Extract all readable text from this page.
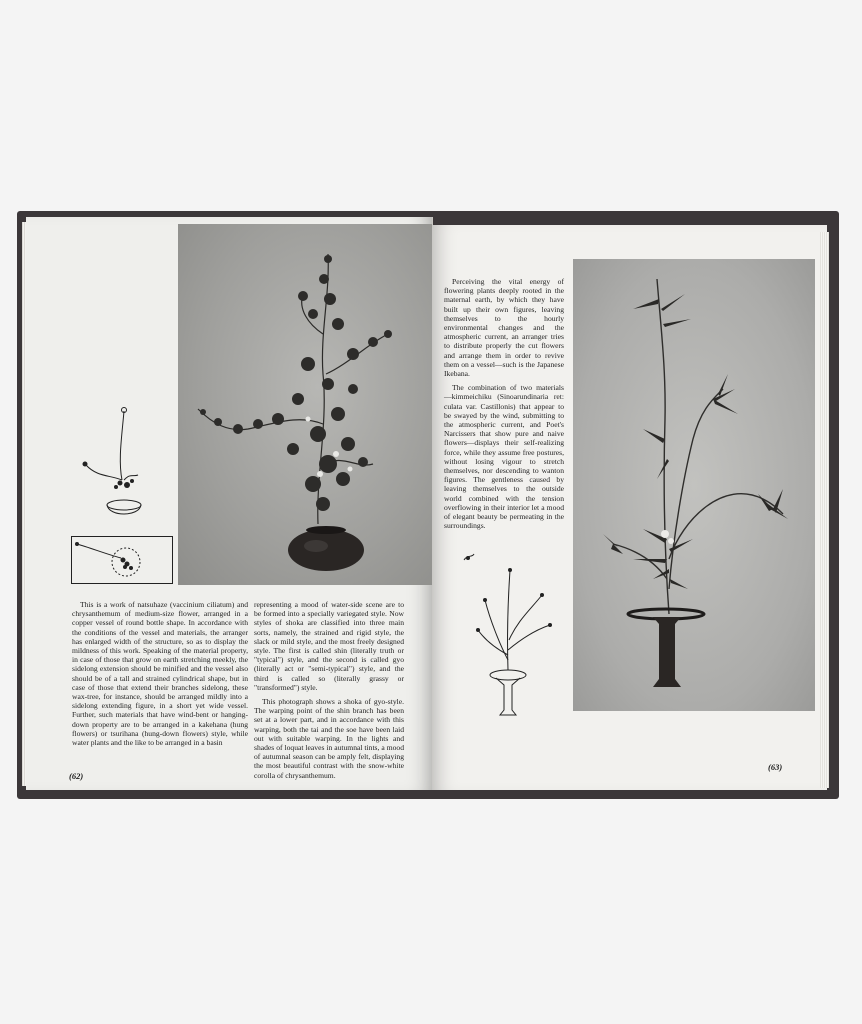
This is a work of natsuhaze (vaccinium ciliatum) and chrysanthemum of medium-size flower, arranged in a copper vessel of round bottle shape. In accordance with the conditions of the vessel and materials, the arranger has enlarged width of the structure, so as to display the mildness of this work. Speaking of the material property, in case of those that grow on earth stretching meekly, the sidelong extension should be minified and the vessel also should be of a tall and strained cylindrical shape, but in case of those that extend their branches sidelong, these wax-tree, for instance, should be arranged mildly into a sidelong extending figure, in a short yet wide vessel. Further, such materials that have wind-bent or hanging-down property are to be arranged in a kakehana (hung flowers) or tsurihana (hung-down flowers) style, while water plants and the like to be arranged in a basin

representing a mood of water-side scene are to be formed into a specially variegated style. Now styles of shoka are classified into three main sorts, namely, the strained and rigid style, the slack or mild style, and the most freely designed style. The first is called shin (literally truth or "typical") style, and the second is called gyo (literally act or "semi-typical") style, and the third is called so (literally grassy or "transformed") style.

This photograph shows a shoka of gyo-style. The warping point of the shin branch has been set at a lower part, and in accordance with this warping, both the tai and the soe have been laid out with suitable warping. In the lights and shades of loquat leaves in autumnal tints, a mood of autumnal season can be amply felt, displaying the most beautiful contrast with the snow-white corolla of chrysanthemum.

(62)

Perceiving the vital energy of flowering plants deeply rooted in the maternal earth, by which they have built up their own figures, leaving themselves to the hourly environmental changes and the atmospheric current, an arranger tries to distribute properly the cut flowers and arrange them in order to revive them on a vessel—such is the Japanese Ikebana.

The combination of two materials —kimmeichiku (Sinoarundinaria ret: culata var. Castillonis) that appear to be swayed by the wind, submitting to the atmospheric current, and Poet's Narcissers that show pure and naive flowers—displays their self-realizing force, while they assume free postures, without losing vigour to stretch themselves, nor descending to wanton figures. The gentleness caused by leaving themselves to the outside world combined with the tension overflowing in their interior let a mood of elegant beauty be permeating in the surroundings.

(63)
